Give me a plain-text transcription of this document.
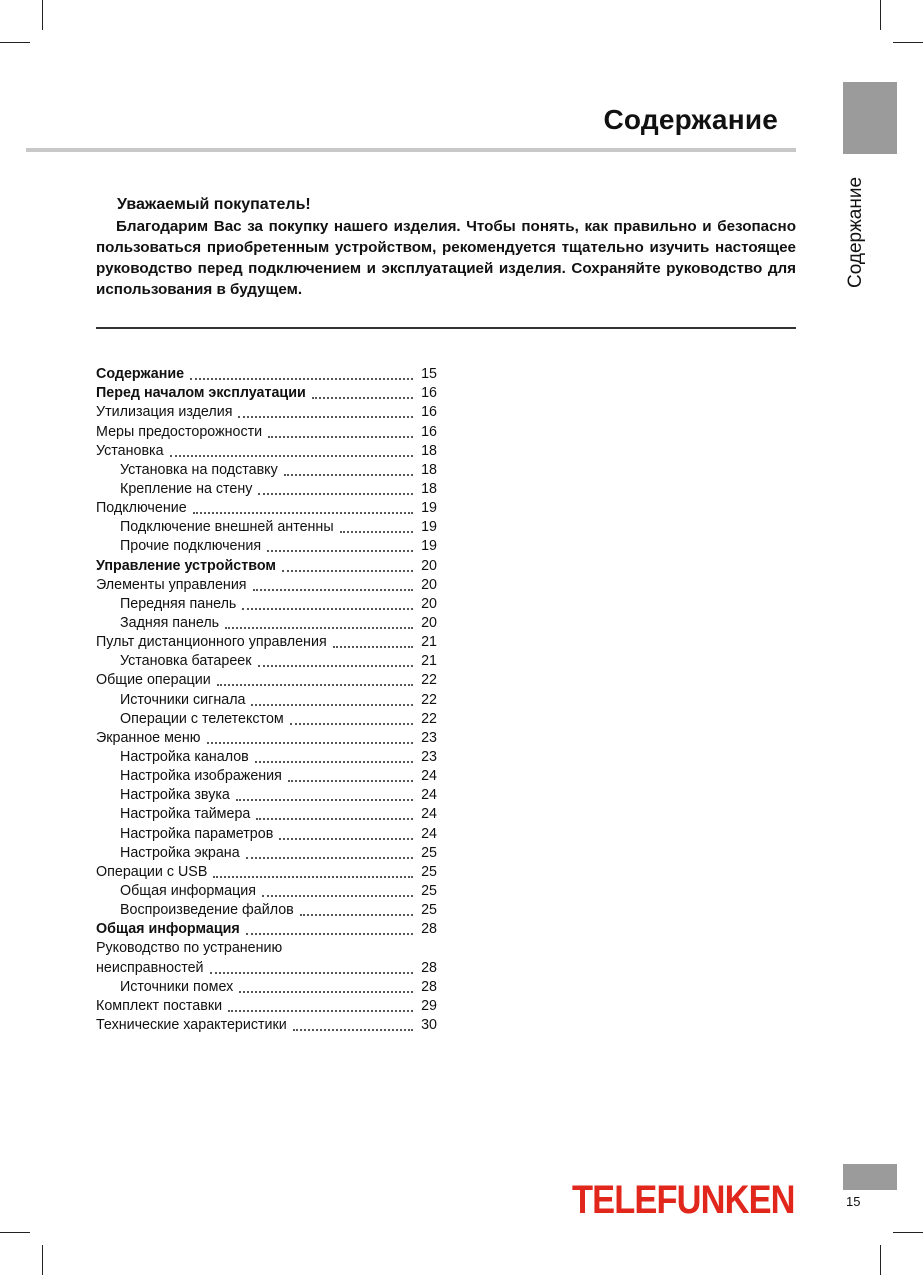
Содержание
Содержание
Уважаемый покупатель!
Благодарим Вас за покупку нашего изделия. Чтобы понять, как правильно и безопасно пользоваться приобретенным устройством, рекомендуется тщательно изучить настоящее руководство перед подключением и эксплуатацией изделия. Сохраняйте руководство для использования в будущем.
Содержание	15
Перед началом эксплуатации	16
Утилизация изделия	16
Меры предосторожности	16
Установка	18
Установка на подставку	18
Крепление на стену	18
Подключение	19
Подключение внешней антенны	19
Прочие подключения	19
Управление устройством	20
Элементы управления	20
Передняя панель	20
Задняя панель	20
Пульт дистанционного управления	21
Установка батареек	21
Общие операции	22
Источники сигнала	22
Операции с телетекстом	22
Экранное меню	23
Настройка каналов	23
Настройка изображения	24
Настройка звука	24
Настройка таймера	24
Настройка параметров	24
Настройка экрана	25
Операции с USB	25
Общая информация	25
Воспроизведение файлов	25
Общая информация	28
Руководство по устранению
неисправностей	28
Источники помех	28
Комплект поставки	29
Технические характеристики	30
TELEFUNKEN	15
